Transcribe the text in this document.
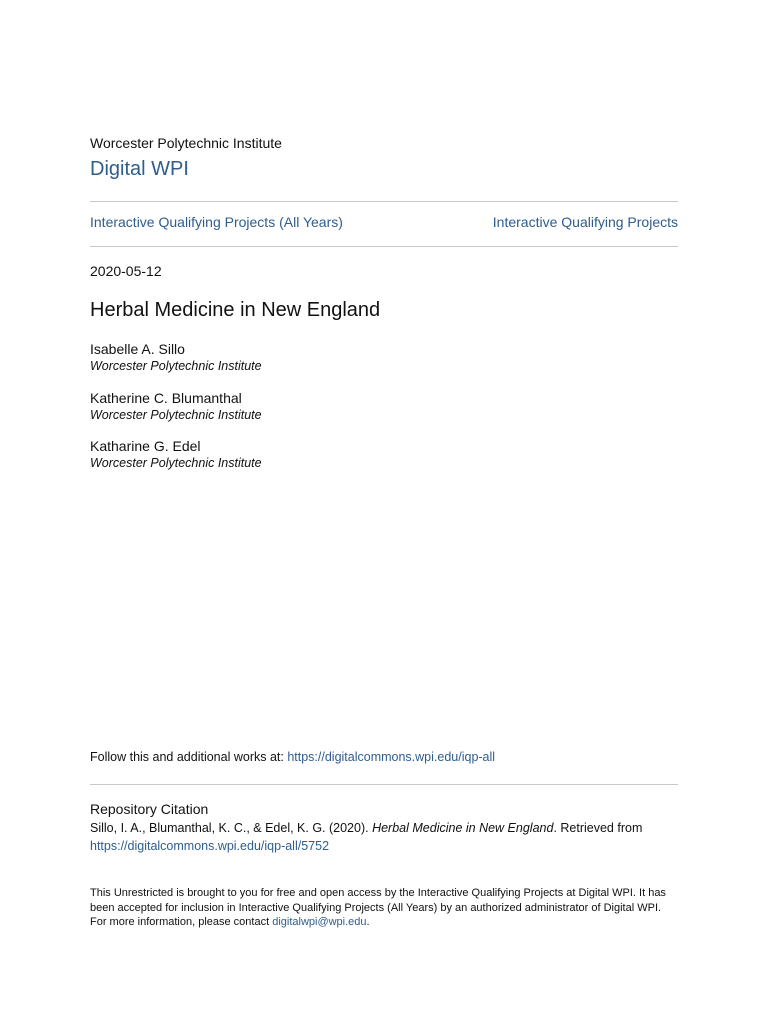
Worcester Polytechnic Institute
Digital WPI
Interactive Qualifying Projects (All Years)	Interactive Qualifying Projects
2020-05-12
Herbal Medicine in New England
Isabelle A. Sillo
Worcester Polytechnic Institute
Katherine C. Blumanthal
Worcester Polytechnic Institute
Katharine G. Edel
Worcester Polytechnic Institute
Follow this and additional works at: https://digitalcommons.wpi.edu/iqp-all
Repository Citation
Sillo, I. A., Blumanthal, K. C., & Edel, K. G. (2020). Herbal Medicine in New England. Retrieved from
https://digitalcommons.wpi.edu/iqp-all/5752
This Unrestricted is brought to you for free and open access by the Interactive Qualifying Projects at Digital WPI. It has been accepted for inclusion in Interactive Qualifying Projects (All Years) by an authorized administrator of Digital WPI. For more information, please contact digitalwpi@wpi.edu.
